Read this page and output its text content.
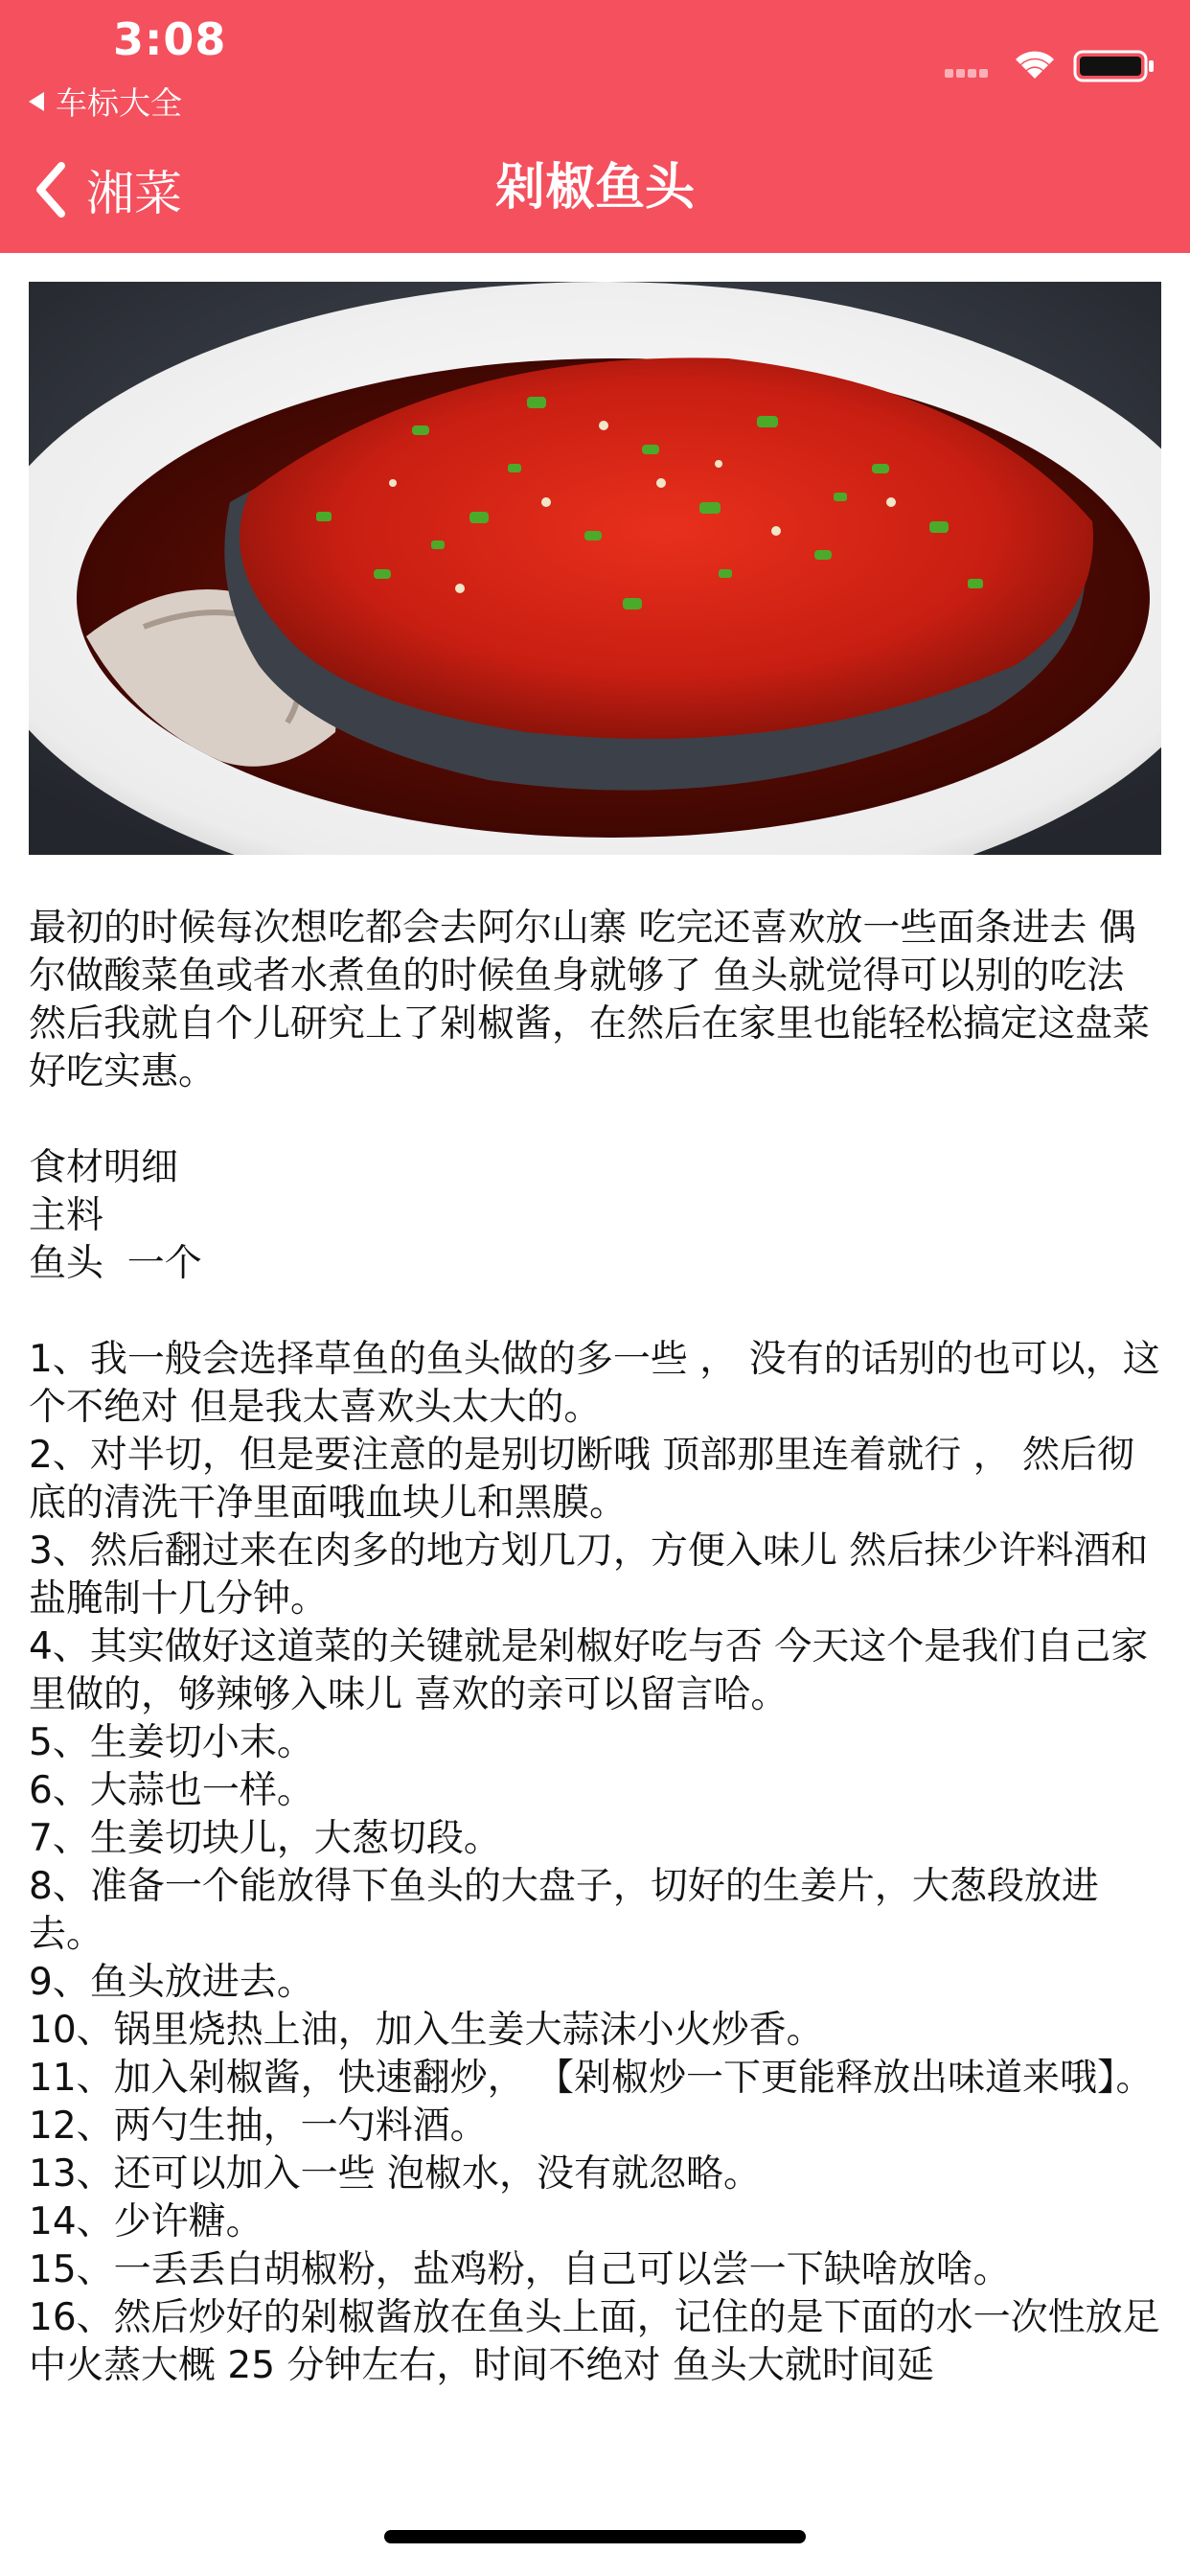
3:08
车标大全
湘菜	剁椒鱼头

最初的时候每次想吃都会去阿尔山寨 吃完还喜欢放一些面条进去 偶尔做酸菜鱼或者水煮鱼的时候鱼身就够了 鱼头就觉得可以别的吃法 然后我就自个儿研究上了剁椒酱，在然后在家里也能轻松搞定这盘菜 好吃实惠。

食材明细

主料

鱼头  一个

1、我一般会选择草鱼的鱼头做的多一些 ， 没有的话别的也可以，这个不绝对 但是我太喜欢头太大的。

2、对半切，但是要注意的是别切断哦 顶部那里连着就行 ， 然后彻底的清洗干净里面哦血块儿和黑膜。

3、然后翻过来在肉多的地方划几刀，方便入味儿 然后抹少许料酒和盐腌制十几分钟。

4、其实做好这道菜的关键就是剁椒好吃与否 今天这个是我们自己家里做的，够辣够入味儿 喜欢的亲可以留言哈。

5、生姜切小末。

6、大蒜也一样。

7、生姜切块儿，大葱切段。

8、准备一个能放得下鱼头的大盘子，切好的生姜片，大葱段放进去。

9、鱼头放进去。

10、锅里烧热上油，加入生姜大蒜沫小火炒香。

11、加入剁椒酱，快速翻炒， 【剁椒炒一下更能释放出味道来哦】。

12、两勺生抽，一勺料酒。

13、还可以加入一些 泡椒水，没有就忽略。

14、少许糖。

15、一丢丢白胡椒粉，盐鸡粉，自己可以尝一下缺啥放啥。

16、然后炒好的剁椒酱放在鱼头上面，记住的是下面的水一次性放足 中火蒸大概 25 分钟左右，时间不绝对 鱼头大就时间延
